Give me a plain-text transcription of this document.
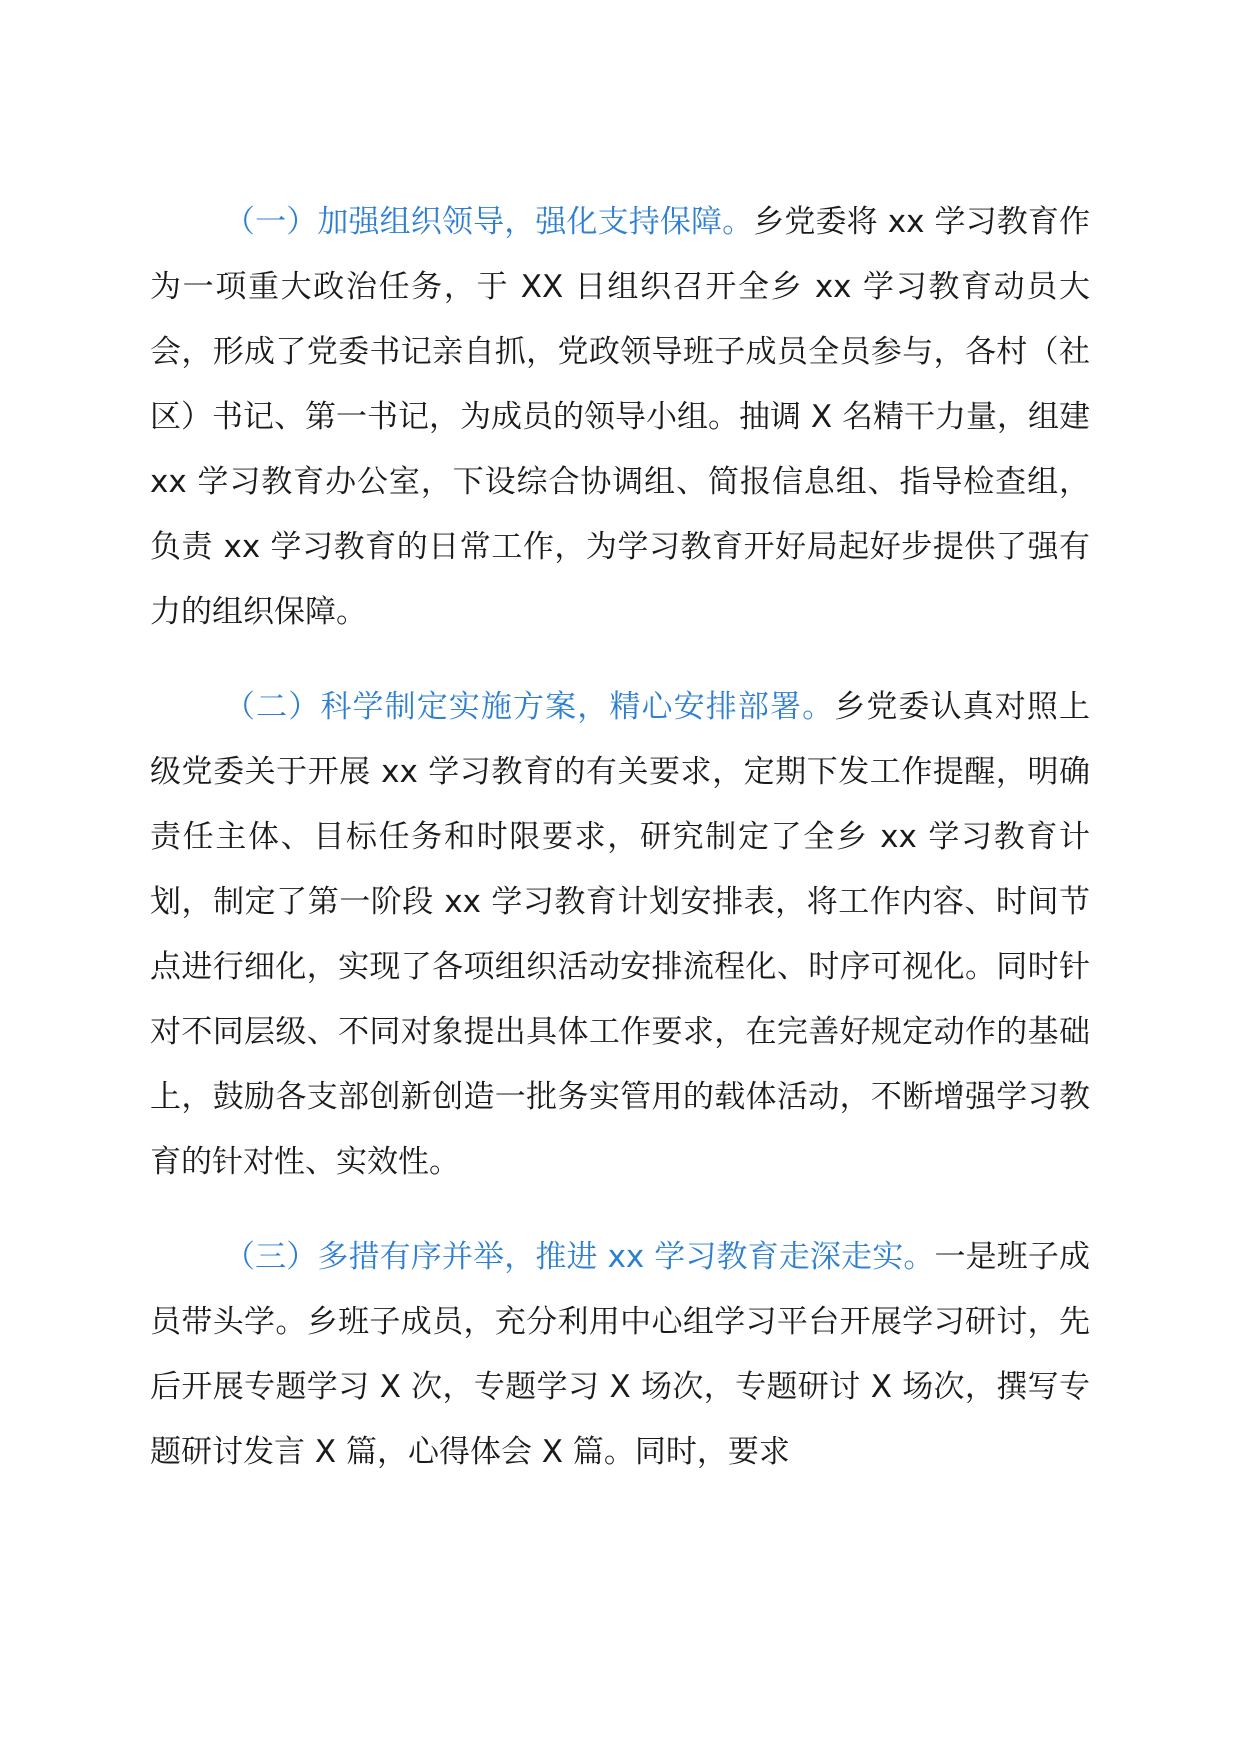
（一）加强组织领导，强化支持保障。乡党委将 xx 学习教育作为一项重大政治任务，于 XX 日组织召开全乡 xx 学习教育动员大会，形成了党委书记亲自抓，党政领导班子成员全员参与，各村（社区）书记、第一书记，为成员的领导小组。抽调 X 名精干力量，组建 xx 学习教育办公室，下设综合协调组、简报信息组、指导检查组，负责 xx 学习教育的日常工作，为学习教育开好局起好步提供了强有力的组织保障。

（二）科学制定实施方案，精心安排部署。乡党委认真对照上级党委关于开展 xx 学习教育的有关要求，定期下发工作提醒，明确责任主体、目标任务和时限要求，研究制定了全乡 xx 学习教育计划，制定了第一阶段 xx 学习教育计划安排表，将工作内容、时间节点进行细化，实现了各项组织活动安排流程化、时序可视化。同时针对不同层级、不同对象提出具体工作要求，在完善好规定动作的基础上，鼓励各支部创新创造一批务实管用的载体活动，不断增强学习教育的针对性、实效性。

（三）多措有序并举，推进 xx 学习教育走深走实。一是班子成员带头学。乡班子成员，充分利用中心组学习平台开展学习研讨，先后开展专题学习 X 次，专题学习 X 场次，专题研讨 X 场次，撰写专题研讨发言 X 篇，心得体会 X 篇。同时，要求
